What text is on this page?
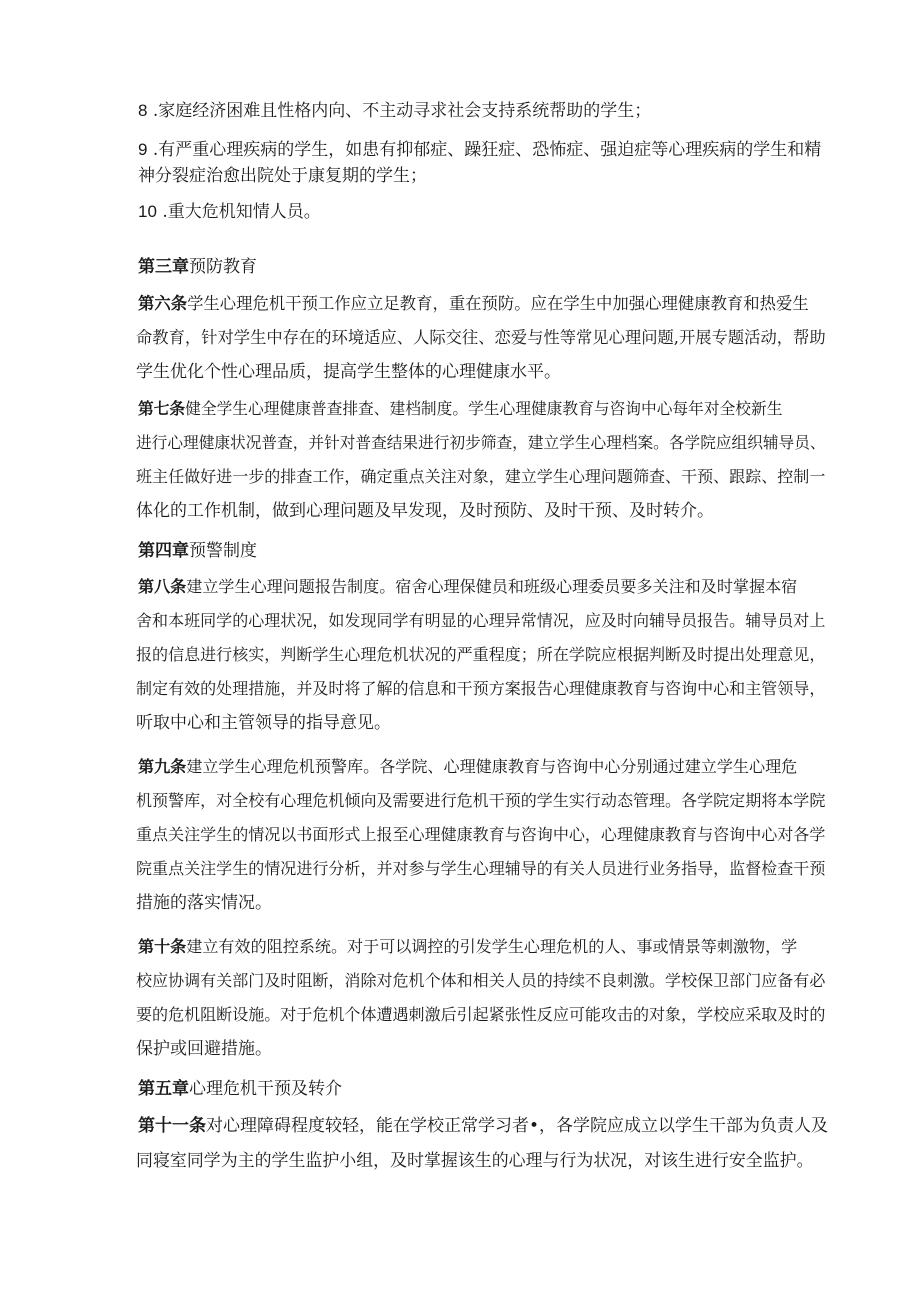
8 .家庭经济困难且性格内向、不主动寻求社会支持系统帮助的学生；

9 .有严重心理疾病的学生，如患有抑郁症、躁狂症、恐怖症、强迫症等心理疾病的学生和精

神分裂症治愈出院处于康复期的学生；

10 .重大危机知情人员。

第三章预防教育

第六条学生心理危机干预工作应立足教育，重在预防。应在学生中加强心理健康教育和热爱生

命教育，针对学生中存在的环境适应、人际交往、恋爱与性等常见心理问题,开展专题活动，帮助

学生优化个性心理品质，提高学生整体的心理健康水平。

第七条健全学生心理健康普查排查、建档制度。学生心理健康教育与咨询中心每年对全校新生

进行心理健康状况普查，并针对普查结果进行初步筛查，建立学生心理档案。各学院应组织辅导员、

班主任做好进一步的排查工作，确定重点关注对象，建立学生心理问题筛查、干预、跟踪、控制一

体化的工作机制，做到心理问题及早发现，及时预防、及时干预、及时转介。

第四章预警制度

第八条建立学生心理问题报告制度。宿舍心理保健员和班级心理委员要多关注和及时掌握本宿

舍和本班同学的心理状况，如发现同学有明显的心理异常情况，应及时向辅导员报告。辅导员对上

报的信息进行核实，判断学生心理危机状况的严重程度；所在学院应根据判断及时提出处理意见，

制定有效的处理措施，并及时将了解的信息和干预方案报告心理健康教育与咨询中心和主管领导，

听取中心和主管领导的指导意见。

第九条建立学生心理危机预警库。各学院、心理健康教育与咨询中心分别通过建立学生心理危

机预警库，对全校有心理危机倾向及需要进行危机干预的学生实行动态管理。各学院定期将本学院

重点关注学生的情况以书面形式上报至心理健康教育与咨询中心，心理健康教育与咨询中心对各学

院重点关注学生的情况进行分析，并对参与学生心理辅导的有关人员进行业务指导，监督检查干预

措施的落实情况。

第十条建立有效的阻控系统。对于可以调控的引发学生心理危机的人、事或情景等刺激物，学

校应协调有关部门及时阻断，消除对危机个体和相关人员的持续不良刺激。学校保卫部门应备有必

要的危机阻断设施。对于危机个体遭遇刺激后引起紧张性反应可能攻击的对象，学校应采取及时的

保护或回避措施。

第五章心理危机干预及转介

第十一条对心理障碍程度较轻，能在学校正常学习者•，各学院应成立以学生干部为负责人及

同寝室同学为主的学生监护小组，及时掌握该生的心理与行为状况，对该生进行安全监护。
